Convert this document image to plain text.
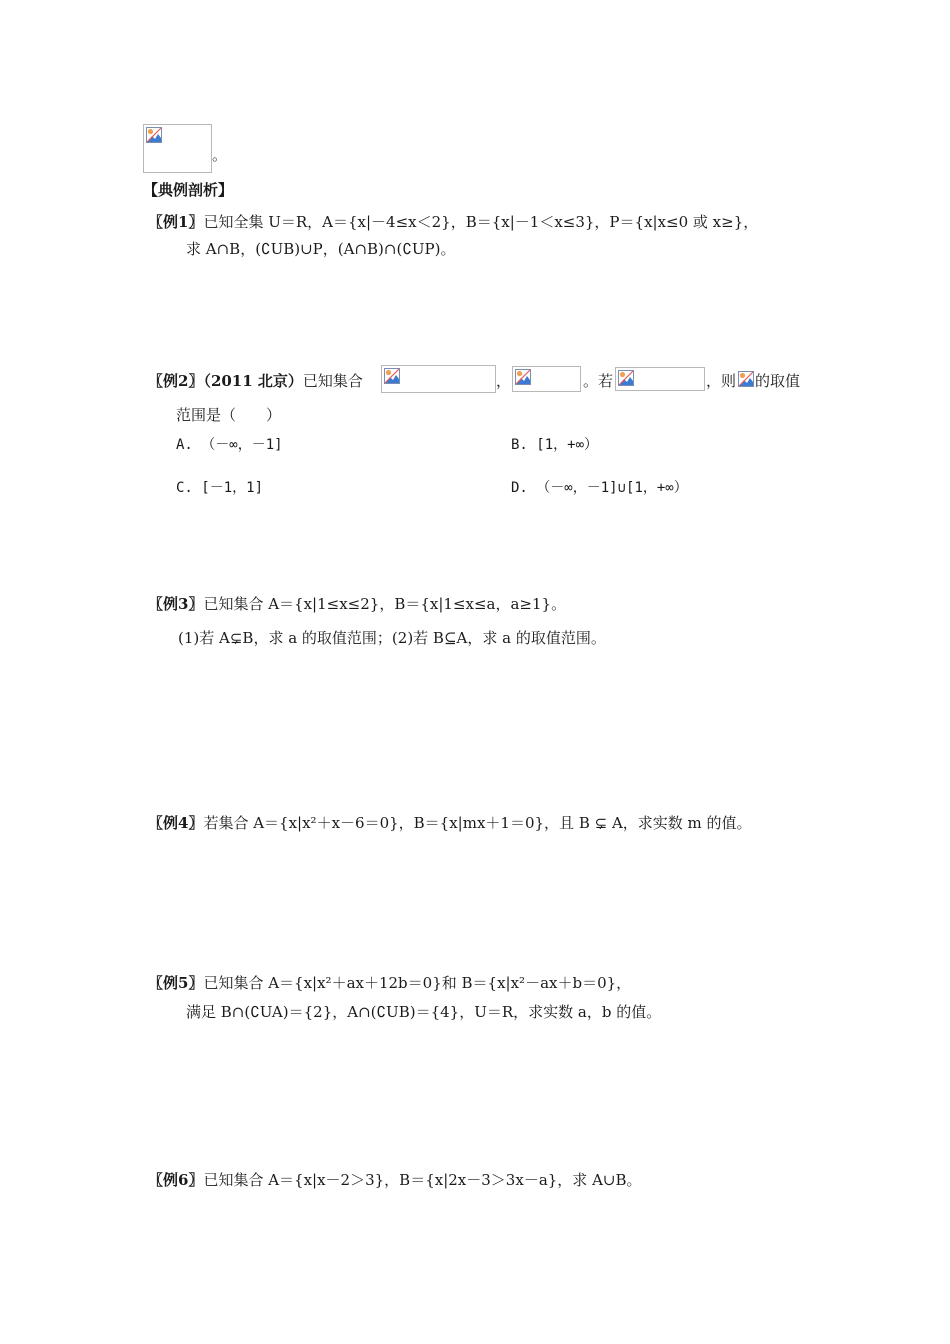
。
【典例剖析】
〖例1〗已知全集 U＝R，A＝{x|－4≤x＜2}，B＝{x|－1＜x≤3}，P＝{x|x≤0 或 x≥}，
求 A∩B，(∁UB)∪P，(A∩B)∩(∁UP)。
〖例2〗（2011 北京）已知集合	，	。若	，则 的取值
范围是（　　）
A. （－∞，－1]	B. [1，+∞）
C. [－1，1]	D. （－∞，－1]∪[1，+∞）
〖例3〗已知集合 A＝{x|1≤x≤2}，B＝{x|1≤x≤a，a≥1}。
(1)若 A⊊B，求 a 的取值范围；(2)若 B⊆A，求 a 的取值范围。
〖例4〗若集合 A＝{x|x²＋x－6＝0}，B＝{x|mx＋1＝0}，且 B ⊊ A，求实数 m 的值。
〖例5〗已知集合 A＝{x|x²＋ax＋12b＝0}和 B＝{x|x²－ax＋b＝0}，
满足 B∩(∁UA)＝{2}，A∩(∁UB)＝{4}，U＝R，求实数 a，b 的值。
〖例6〗已知集合 A＝{x|x－2＞3}，B＝{x|2x－3＞3x－a}，求 A∪B。
